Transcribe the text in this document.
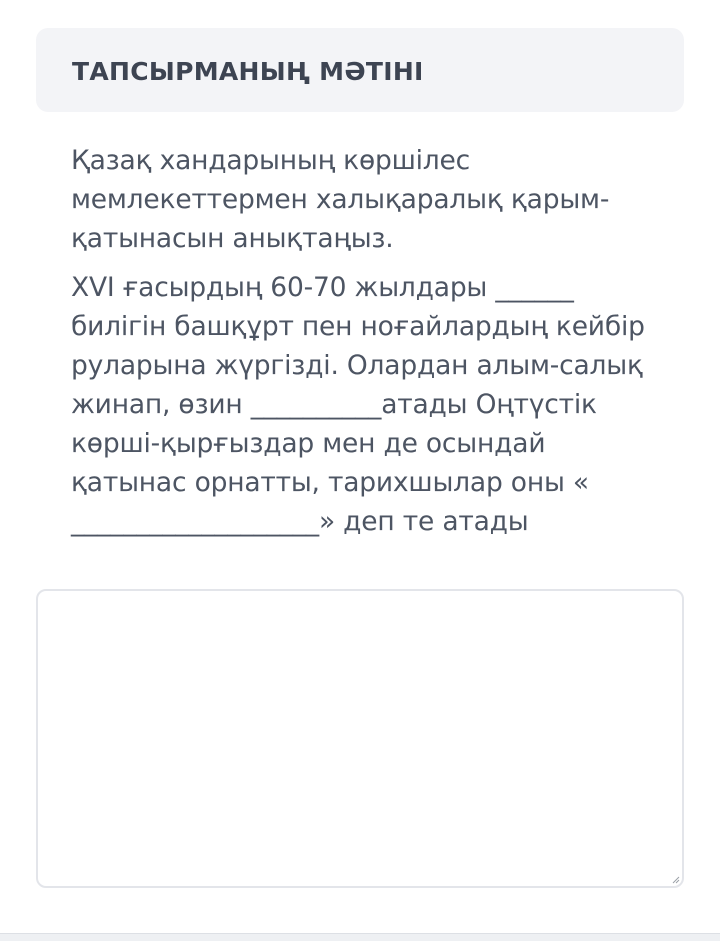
ТАПСЫРМАНЫҢ МӘТІНІ

Қазақ хандарының көршілес мемлекеттермен халықаралық қарым-қатынасын анықтаңыз.

XVI ғасырдың 60-70 жылдары ______ билігін башқұрт пен ноғайлардың кейбір руларына жүргізді. Олардан алым-салық жинап, өзин __________атады Оңтүстік көрші-қырғыздар мен де осындай қатынас орнатты, тарихшылар оны « ___________________» деп те атады
